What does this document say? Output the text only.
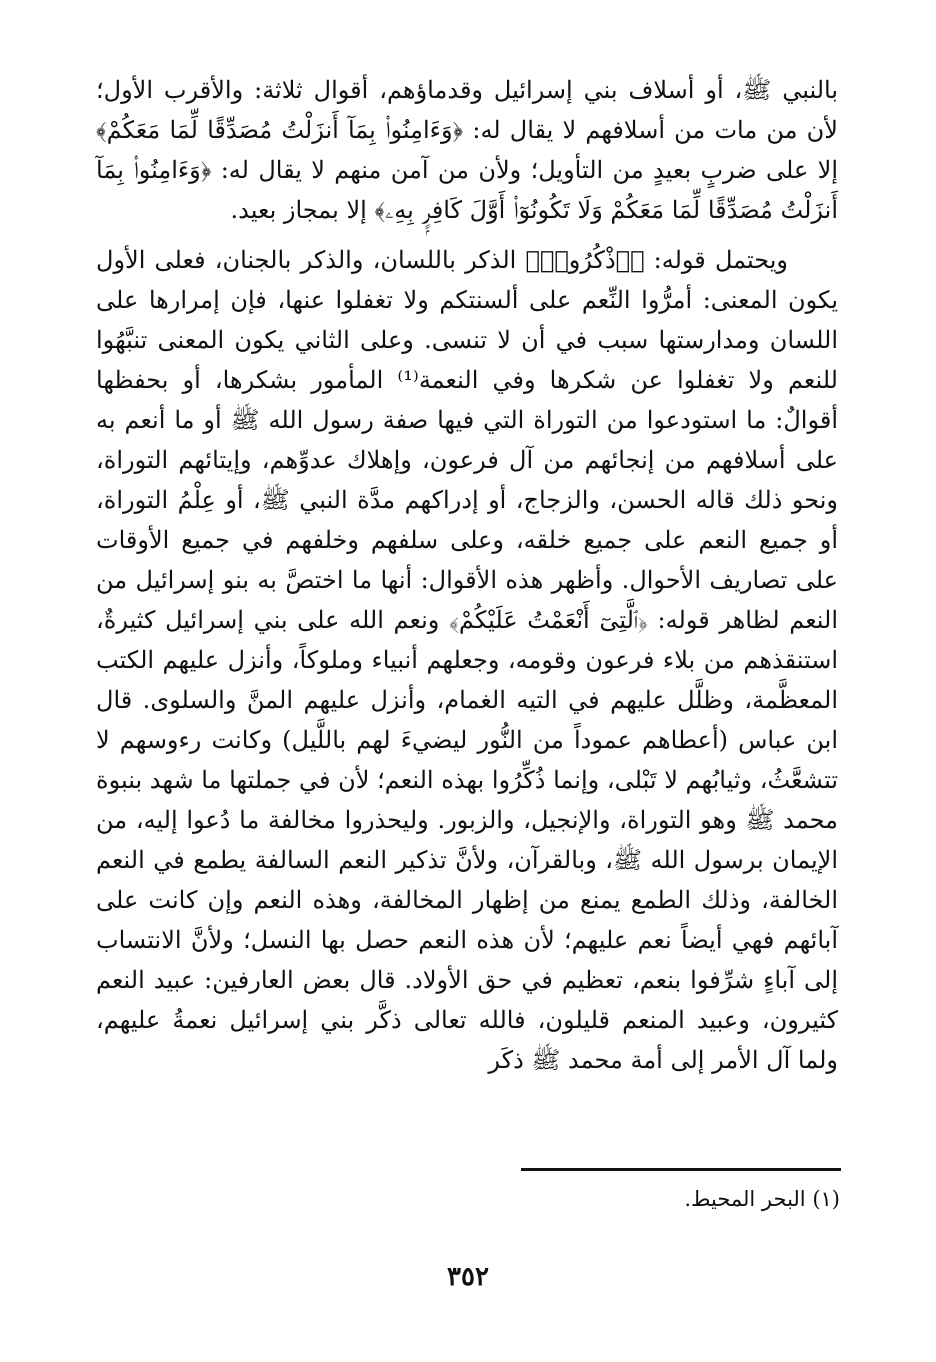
بالنبي ﷺ، أو أسلاف بني إسرائيل وقدماؤهم، أقوال ثلاثة: والأقرب الأول؛ لأن من مات من أسلافهم لا يقال له: ﴿وَءَامِنُوا۟ بِمَآ أَنزَلْتُ مُصَدِّقًا لِّمَا مَعَكُمْ﴾ إلا على ضربٍ بعيدٍ من التأويل؛ ولأن من آمن منهم لا يقال له: ﴿وَءَامِنُوا۟ بِمَآ أَنزَلْتُ مُصَدِّقًا لِّمَا مَعَكُمْ وَلَا تَكُونُوٓا۟ أَوَّلَ كَافِرٍۭ بِهِۦ﴾ إلا بمجاز بعيد.

ويحتمل قوله: ﴿ٱذْكُرُوا۟﴾ الذكر باللسان، والذكر بالجنان، فعلى الأول يكون المعنى: أمرُّوا النِّعم على ألسنتكم ولا تغفلوا عنها، فإن إمرارها على اللسان ومدارستها سبب في أن لا تنسى. وعلى الثاني يكون المعنى تنبَّهُوا للنعم ولا تغفلوا عن شكرها وفي النعمة⁽¹⁾ المأمور بشكرها، أو بحفظها أقوالٌ: ما استودعوا من التوراة التي فيها صفة رسول الله ﷺ أو ما أنعم به على أسلافهم من إنجائهم من آل فرعون، وإهلاك عدوِّهم، وإيتائهم التوراة، ونحو ذلك قاله الحسن، والزجاج، أو إدراكهم مدَّة النبي ﷺ، أو عِلْمُ التوراة، أو جميع النعم على جميع خلقه، وعلى سلفهم وخلفهم في جميع الأوقات على تصاريف الأحوال. وأظهر هذه الأقوال: أنها ما اختصَّ به بنو إسرائيل من النعم لظاهر قوله: ﴿ٱلَّتِىٓ أَنْعَمْتُ عَلَيْكُمْ﴾ ونعم الله على بني إسرائيل كثيرةٌ، استنقذهم من بلاء فرعون وقومه، وجعلهم أنبياء وملوكاً، وأنزل عليهم الكتب المعظَّمة، وظلَّل عليهم في التيه الغمام، وأنزل عليهم المنَّ والسلوى. قال ابن عباس (أعطاهم عموداً من النُّور ليضيءَ لهم باللَّيل) وكانت رءوسهم لا تتشعَّثُ، وثيابُهم لا تَبْلى، وإنما ذُكِّرُوا بهذه النعم؛ لأن في جملتها ما شهد بنبوة محمد ﷺ وهو التوراة، والإنجيل، والزبور. وليحذروا مخالفة ما دُعوا إليه، من الإيمان برسول الله ﷺ، وبالقرآن، ولأنَّ تذكير النعم السالفة يطمع في النعم الخالفة، وذلك الطمع يمنع من إظهار المخالفة، وهذه النعم وإن كانت على آبائهم فهي أيضاً نعم عليهم؛ لأن هذه النعم حصل بها النسل؛ ولأنَّ الانتساب إلى آباءٍ شرِّفوا بنعم، تعظيم في حق الأولاد. قال بعض العارفين: عبيد النعم كثيرون، وعبيد المنعم قليلون، فالله تعالى ذكَّر بني إسرائيل نعمةُ عليهم، ولما آل الأمر إلى أمة محمد ﷺ ذكَر

(١) البحر المحيط.
٣٥٢
